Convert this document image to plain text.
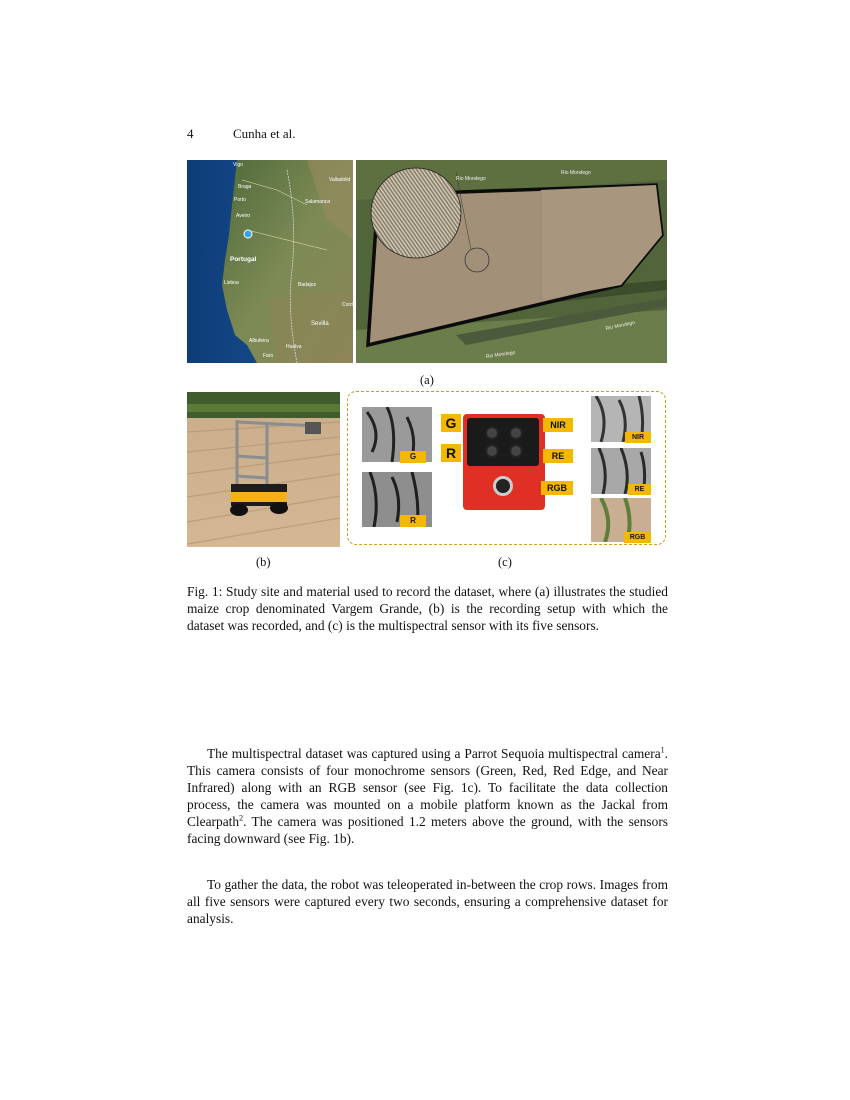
4	Cunha et al.
Vigo
Braga
Porto
Aveiro
Valladolid
Salamanca
Portugal
Lisboa	Badajoz
Cord
Sevilla
Albufeira
Huelva
Faro
Rio Mondego
Rio Mondego
Rio Mondego
Rio Mondego
(a)
(b)
G
R
G
R
NIR
RE
RGB
NIR
RE
RGB
(c)
Fig. 1: Study site and material used to record the dataset, where (a) illustrates the studied maize crop denominated Vargem Grande, (b) is the recording setup with which the dataset was recorded, and (c) is the multispectral sensor with its five sensors.
The multispectral dataset was captured using a Parrot Sequoia multispectral camera$^1$. This camera consists of four monochrome sensors (Green, Red, Red Edge, and Near Infrared) along with an RGB sensor (see Fig. 1c). To facilitate the data collection process, the camera was mounted on a mobile platform known as the Jackal from Clearpath$^2$. The camera was positioned 1.2 meters above the ground, with the sensors facing downward (see Fig. 1b).
To gather the data, the robot was teleoperated in-between the crop rows. Images from all five sensors were captured every two seconds, ensuring a comprehensive dataset for analysis.
